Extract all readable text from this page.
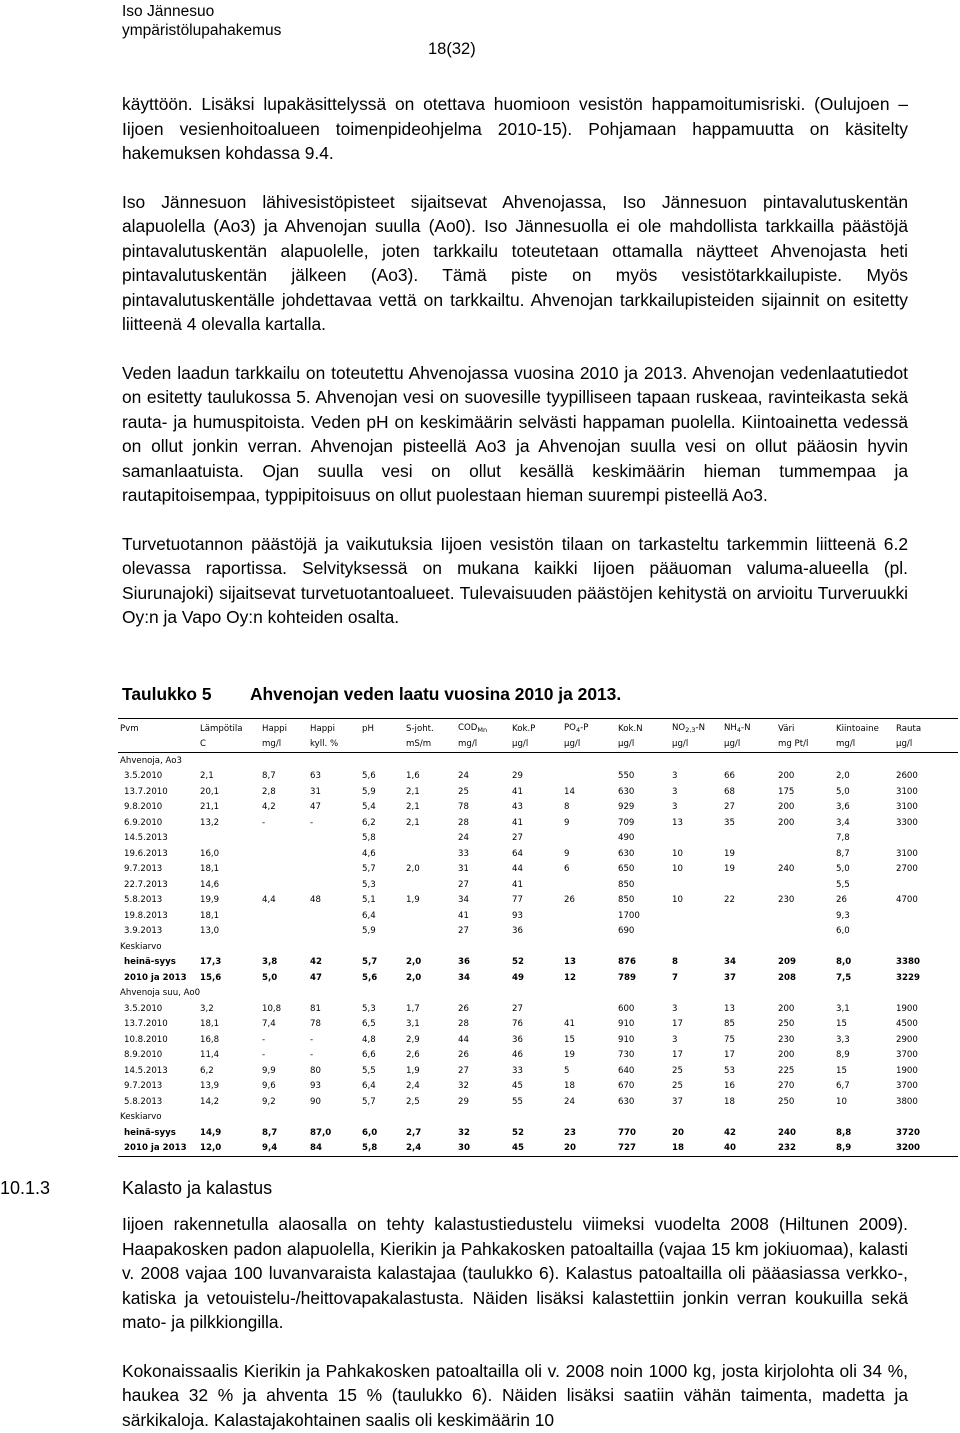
Iso Jännesuo
ympäristölupahakemus
18(32)

käyttöön. Lisäksi lupakäsittelyssä on otettava huomioon vesistön happamoitumisriski. (Oulujoen – Iijoen vesienhoitoalueen toimenpideohjelma 2010-15). Pohjamaan happamuutta on käsitelty hakemuksen kohdassa 9.4.

Iso Jännesuon lähivesistöpisteet sijaitsevat Ahvenojassa, Iso Jännesuon pintavalutuskentän alapuolella (Ao3) ja Ahvenojan suulla (Ao0). Iso Jännesuolla ei ole mahdollista tarkkailla päästöjä pintavalutuskentän alapuolelle, joten tarkkailu toteutetaan ottamalla näytteet Ahvenojasta heti pintavalutuskentän jälkeen (Ao3). Tämä piste on myös vesistötarkkailupiste. Myös pintavalutuskentälle johdettavaa vettä on tarkkailtu. Ahvenojan tarkkailupisteiden sijainnit on esitetty liitteenä 4 olevalla kartalla.

Veden laadun tarkkailu on toteutettu Ahvenojassa vuosina 2010 ja 2013. Ahvenojan vedenlaatutiedot on esitetty taulukossa 5. Ahvenojan vesi on suovesille tyypilliseen tapaan ruskeaa, ravinteikasta sekä rauta- ja humuspitoista. Veden pH on keskimäärin selvästi happaman puolella. Kiintoainetta vedessä on ollut jonkin verran. Ahvenojan pisteellä Ao3 ja Ahvenojan suulla vesi on ollut pääosin hyvin samanlaatuista. Ojan suulla vesi on ollut kesällä keskimäärin hieman tummempaa ja rautapitoisempaa, typpipitoisuus on ollut puolestaan hieman suurempi pisteellä Ao3.

Turvetuotannon päästöjä ja vaikutuksia Iijoen vesistön tilaan on tarkasteltu tarkemmin liitteenä 6.2 olevassa raportissa. Selvityksessä on mukana kaikki Iijoen pääuoman valuma-alueella (pl. Siurunajoki) sijaitsevat turvetuotantoalueet. Tulevaisuuden päästöjen kehitystä on arvioitu Turveruukki Oy:n ja Vapo Oy:n kohteiden osalta.

Taulukko 5 Ahvenojan veden laatu vuosina 2010 ja 2013.
Pvm	Lämpötila	Happi	Happi	pH	S-joht.	$COD_{Mn}$	Kok.P	$PO_4-P$	Kok.N	$NO_{2,3}-N$	$NH_4-N$	Väri	Kiintoaine	Rauta
	C	mg/l	kyll. %		mS/m	mg/l	µg/l	µg/l	µg/l	µg/l	µg/l	mg Pt/l	mg/l	µg/l
Ahvenoja, Ao3														
3.5.2010	2,1	8,7	63	5,6	1,6	24	29		550	3	66	200	2,0	2600
13.7.2010	20,1	2,8	31	5,9	2,1	25	41	14	630	3	68	175	5,0	3100
9.8.2010	21,1	4,2	47	5,4	2,1	78	43	8	929	3	27	200	3,6	3100
6.9.2010	13,2	-	-	6,2	2,1	28	41	9	709	13	35	200	3,4	3300
14.5.2013				5,8		24	27		490				7,8	
19.6.2013	16,0			4,6		33	64	9	630	10	19		8,7	3100
9.7.2013	18,1			5,7	2,0	31	44	6	650	10	19	240	5,0	2700
22.7.2013	14,6			5,3		27	41		850				5,5	
5.8.2013	19,9	4,4	48	5,1	1,9	34	77	26	850	10	22	230	26	4700
19.8.2013	18,1			6,4		41	93		1700				9,3	
3.9.2013	13,0			5,9		27	36		690				6,0	
Keskiarvo														
heinä-syys	17,3	3,8	42	5,7	2,0	36	52	13	876	8	34	209	8,0	3380
2010 ja 2013	15,6	5,0	47	5,6	2,0	34	49	12	789	7	37	208	7,5	3229
Ahvenoja suu, Ao0														
3.5.2010	3,2	10,8	81	5,3	1,7	26	27		600	3	13	200	3,1	1900
13.7.2010	18,1	7,4	78	6,5	3,1	28	76	41	910	17	85	250	15	4500
10.8.2010	16,8	-	-	4,8	2,9	44	36	15	910	3	75	230	3,3	2900
8.9.2010	11,4	-	-	6,6	2,6	26	46	19	730	17	17	200	8,9	3700
14.5.2013	6,2	9,9	80	5,5	1,9	27	33	5	640	25	53	225	15	1900
9.7.2013	13,9	9,6	93	6,4	2,4	32	45	18	670	25	16	270	6,7	3700
5.8.2013	14,2	9,2	90	5,7	2,5	29	55	24	630	37	18	250	10	3800
Keskiarvo														
heinä-syys	14,9	8,7	87,0	6,0	2,7	32	52	23	770	20	42	240	8,8	3720
2010 ja 2013	12,0	9,4	84	5,8	2,4	30	45	20	727	18	40	232	8,9	3200
10.1.3	Kalasto ja kalastus

Iijoen rakennetulla alaosalla on tehty kalastustiedustelu viimeksi vuodelta 2008 (Hiltunen 2009). Haapakosken padon alapuolella, Kierikin ja Pahkakosken patoaltailla (vajaa 15 km jokiuomaa), kalasti v. 2008 vajaa 100 luvanvaraista kalastajaa (taulukko 6). Kalastus patoaltailla oli pääasiassa verkko-, katiska ja vetouistelu-/heittovapakalastusta. Näiden lisäksi kalastettiin jonkin verran koukuilla sekä mato- ja pilkkiongilla.

Kokonaissaalis Kierikin ja Pahkakosken patoaltailla oli v. 2008 noin 1000 kg, josta kirjolohta oli 34 %, haukea 32 % ja ahventa 15 % (taulukko 6). Näiden lisäksi saatiin vähän taimenta, madetta ja särkikaloja. Kalastajakohtainen saalis oli keskimäärin 10
